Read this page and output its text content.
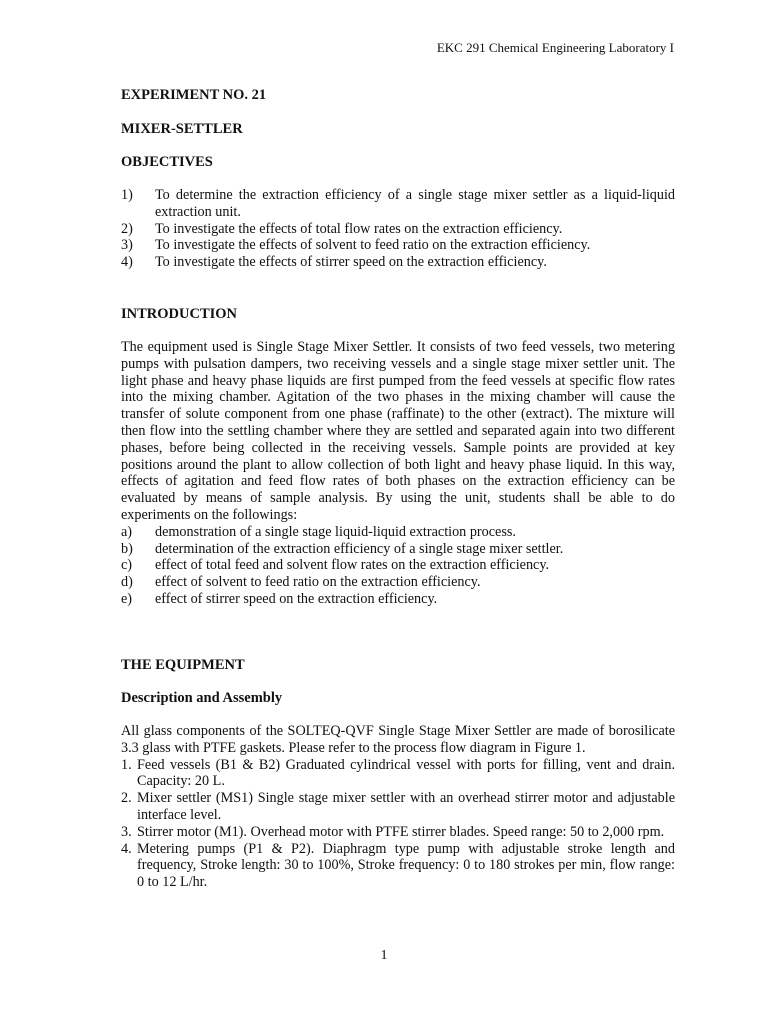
EKC 291 Chemical Engineering Laboratory I

EXPERIMENT NO. 21

MIXER-SETTLER

OBJECTIVES

1)	To determine the extraction efficiency of a single stage mixer settler as a liquid-liquid extraction unit.
2)	To investigate the effects of total flow rates on the extraction efficiency.
3)	To investigate the effects of solvent to feed ratio on the extraction efficiency.
4)	To investigate the effects of stirrer speed on the extraction efficiency.

INTRODUCTION

The equipment used is Single Stage Mixer Settler. It consists of two feed vessels, two metering pumps with pulsation dampers, two receiving vessels and a single stage mixer settler unit. The light phase and heavy phase liquids are first pumped from the feed vessels at specific flow rates into the mixing chamber. Agitation of the two phases in the mixing chamber will cause the transfer of solute component from one phase (raffinate) to the other (extract). The mixture will then flow into the settling chamber where they are settled and separated again into two different phases, before being collected in the receiving vessels. Sample points are provided at key positions around the plant to allow collection of both light and heavy phase liquid. In this way, effects of agitation and feed flow rates of both phases on the extraction efficiency can be evaluated by means of sample analysis. By using the unit, students shall be able to do experiments on the followings:

a)	demonstration of a single stage liquid-liquid extraction process.
b)	determination of the extraction efficiency of a single stage mixer settler.
c)	effect of total feed and solvent flow rates on the extraction efficiency.
d)	effect of solvent to feed ratio on the extraction efficiency.
e)	effect of stirrer speed on the extraction efficiency.

THE EQUIPMENT

Description and Assembly

All glass components of the SOLTEQ-QVF Single Stage Mixer Settler are made of borosilicate 3.3 glass with PTFE gaskets. Please refer to the process flow diagram in Figure 1.

1. Feed vessels (B1 & B2) Graduated cylindrical vessel with ports for filling, vent and drain. Capacity: 20 L.
2. Mixer settler (MS1) Single stage mixer settler with an overhead stirrer motor and adjustable interface level.
3. Stirrer motor (M1). Overhead motor with PTFE stirrer blades. Speed range: 50 to 2,000 rpm.
4. Metering pumps (P1 & P2). Diaphragm type pump with adjustable stroke length and frequency, Stroke length: 30 to 100%, Stroke frequency: 0 to 180 strokes per min, flow range: 0 to 12 L/hr.
1
